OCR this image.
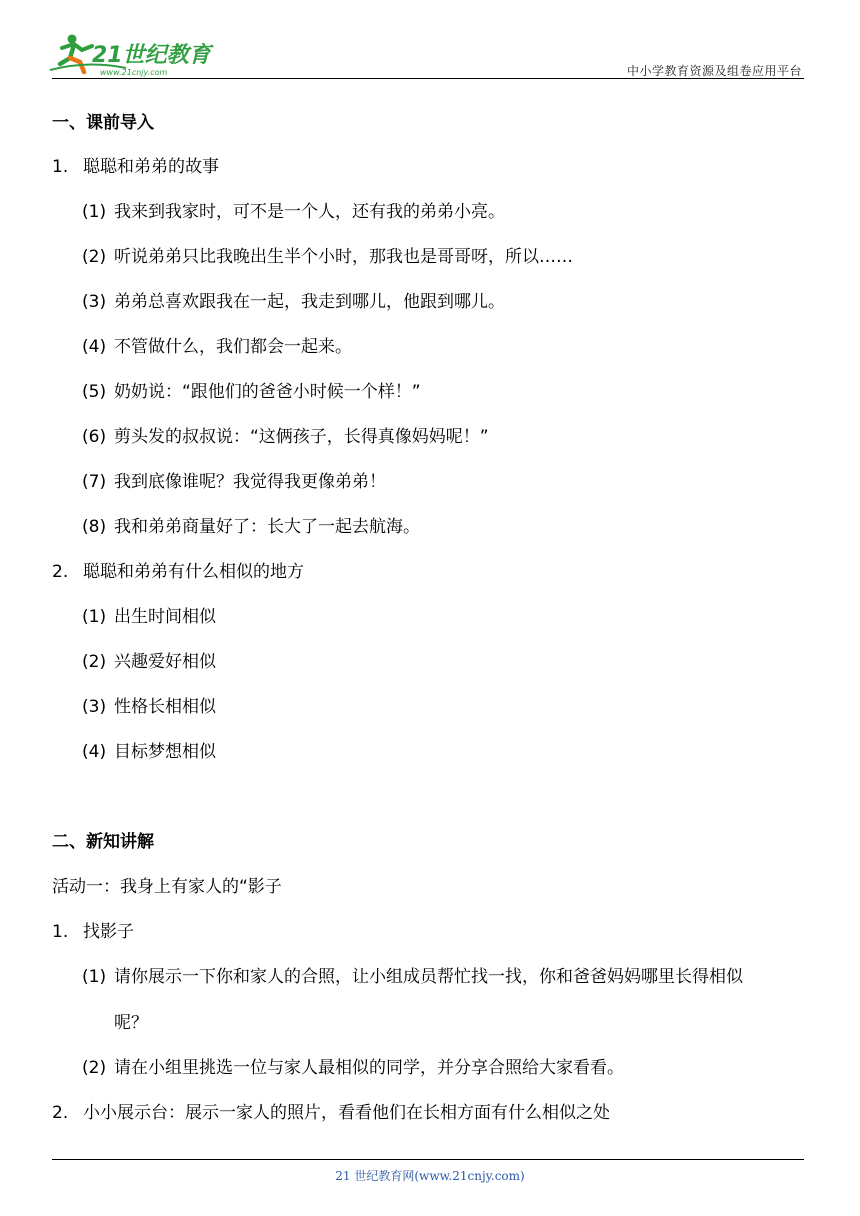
21世纪教育
www.21cnjy.com	中小学教育资源及组卷应用平台
一、课前导入
1. 聪聪和弟弟的故事
(1) 我来到我家时，可不是一个人，还有我的弟弟小亮。
(2) 听说弟弟只比我晚出生半个小时，那我也是哥哥呀，所以……
(3) 弟弟总喜欢跟我在一起，我走到哪儿，他跟到哪儿。
(4) 不管做什么，我们都会一起来。
(5) 奶奶说：“跟他们的爸爸小时候一个样！”
(6) 剪头发的叔叔说：“这俩孩子，长得真像妈妈呢！”
(7) 我到底像谁呢？我觉得我更像弟弟！
(8) 我和弟弟商量好了：长大了一起去航海。
2. 聪聪和弟弟有什么相似的地方
(1) 出生时间相似
(2) 兴趣爱好相似
(3) 性格长相相似
(4) 目标梦想相似
二、新知讲解
活动一：我身上有家人的“影子
1. 找影子
(1) 请你展示一下你和家人的合照，让小组成员帮忙找一找，你和爸爸妈妈哪里长得相似
呢？
(2) 请在小组里挑选一位与家人最相似的同学，并分享合照给大家看看。
2. 小小展示台：展示一家人的照片，看看他们在长相方面有什么相似之处
21 世纪教育网(www.21cnjy.com)
